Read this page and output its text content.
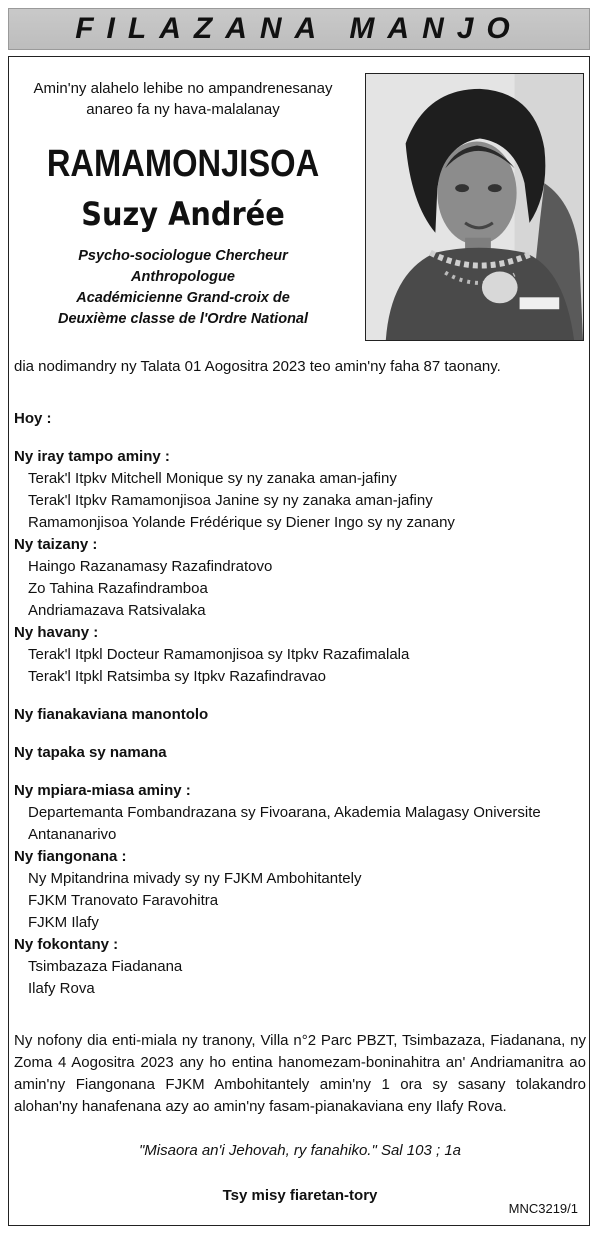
FILAZANA MANJO
Amin'ny alahelo lehibe no ampandrenesanay
anareo fa ny hava-malalanay
RAMAMONJISOA
Suzy Andrée
Psycho-sociologue Chercheur
Anthropologue
Académicienne Grand-croix de
Deuxième classe de l'Ordre National
dia nodimandry ny Talata 01 Aogositra 2023 teo amin'ny faha 87 taonany.
Hoy :
Ny iray tampo aminy :
Terak'l Itpkv Mitchell Monique sy ny zanaka aman-jafiny
Terak'l Itpkv Ramamonjisoa Janine sy ny zanaka aman-jafiny
Ramamonjisoa Yolande Frédérique sy Diener Ingo sy ny zanany
Ny taizany :
Haingo Razanamasy Razafindratovo
Zo Tahina Razafindramboa
Andriamazava Ratsivalaka
Ny havany :
Terak'l Itpkl Docteur Ramamonjisoa sy Itpkv Razafimalala
Terak'l Itpkl Ratsimba sy Itpkv Razafindravao
Ny fianakaviana manontolo
Ny tapaka sy namana
Ny mpiara-miasa aminy :
Departemanta Fombandrazana sy Fivoarana, Akademia Malagasy Oniversite
Antananarivo
Ny fiangonana :
Ny Mpitandrina mivady sy ny FJKM Ambohitantely
FJKM Tranovato Faravohitra
FJKM Ilafy
Ny fokontany :
Tsimbazaza Fiadanana
Ilafy Rova
Ny nofony dia enti-miala ny tranony, Villa n°2 Parc PBZT, Tsimbazaza, Fiadanana, ny Zoma 4 Aogositra 2023 any ho entina hanomezam-boninahitra an' Andriamanitra ao amin'ny Fiangonana FJKM Ambohitantely amin'ny 1 ora sy sasany tolakandro alohan'ny hanafenana azy ao amin'ny fasam-pianakaviana eny Ilafy Rova.
"Misaora an'i Jehovah, ry fanahiko." Sal 103 ; 1a
Tsy misy fiaretan-tory
MNC3219/1
